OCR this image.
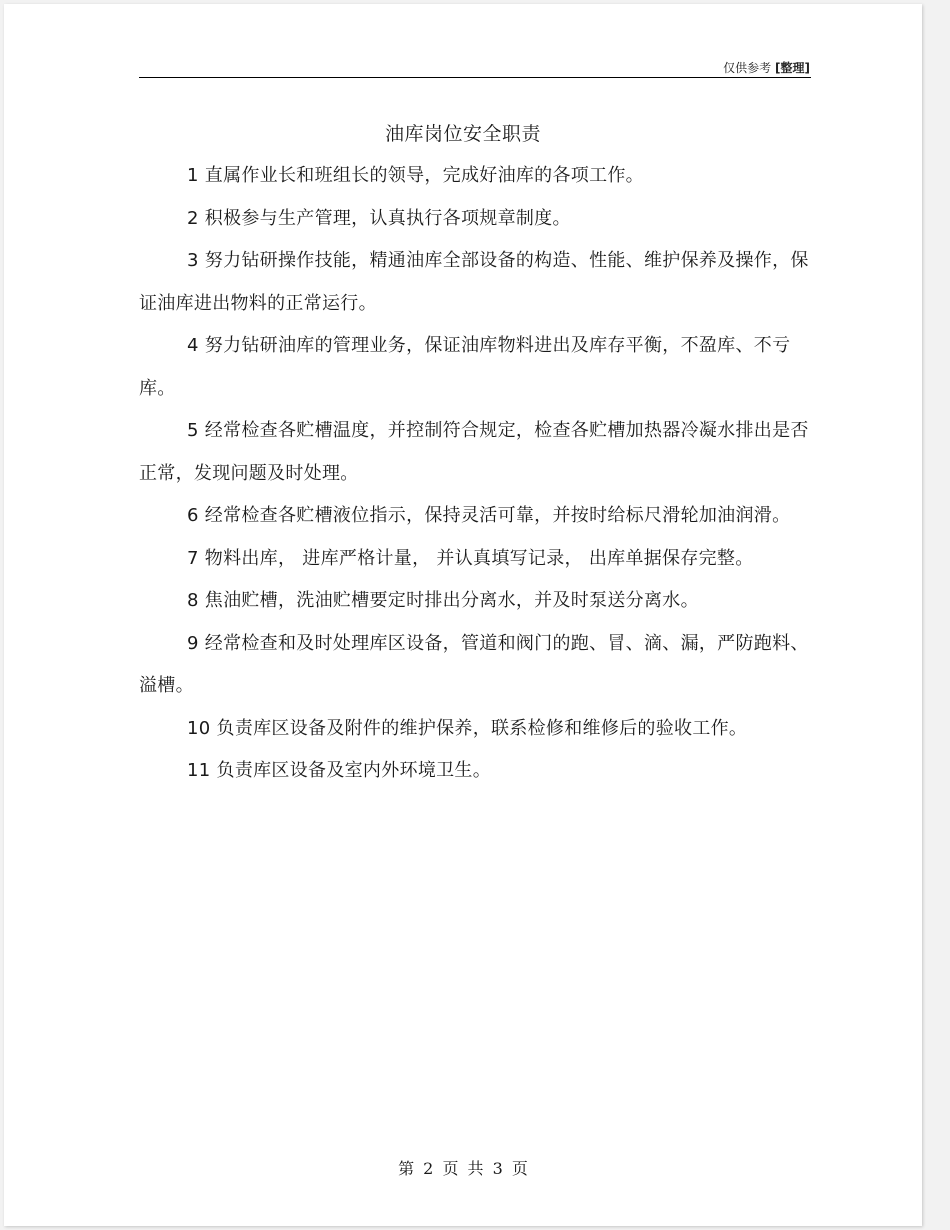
仅供参考 [整理]
油库岗位安全职责

1 直属作业长和班组长的领导，完成好油库的各项工作。

2 积极参与生产管理，认真执行各项规章制度。

3 努力钻研操作技能，精通油库全部设备的构造、性能、维护保养及操作，保证油库进出物料的正常运行。

4 努力钻研油库的管理业务，保证油库物料进出及库存平衡，不盈库、不亏库。

5 经常检查各贮槽温度，并控制符合规定，检查各贮槽加热器冷凝水排出是否正常，发现问题及时处理。

6 经常检查各贮槽液位指示，保持灵活可靠，并按时给标尺滑轮加油润滑。

7 物料出库， 进库严格计量， 并认真填写记录， 出库单据保存完整。

8 焦油贮槽，洗油贮槽要定时排出分离水，并及时泵送分离水。

9 经常检查和及时处理库区设备，管道和阀门的跑、冒、滴、漏，严防跑料、溢槽。

10 负责库区设备及附件的维护保养，联系检修和维修后的验收工作。

11 负责库区设备及室内外环境卫生。

第 2 页 共 3 页
